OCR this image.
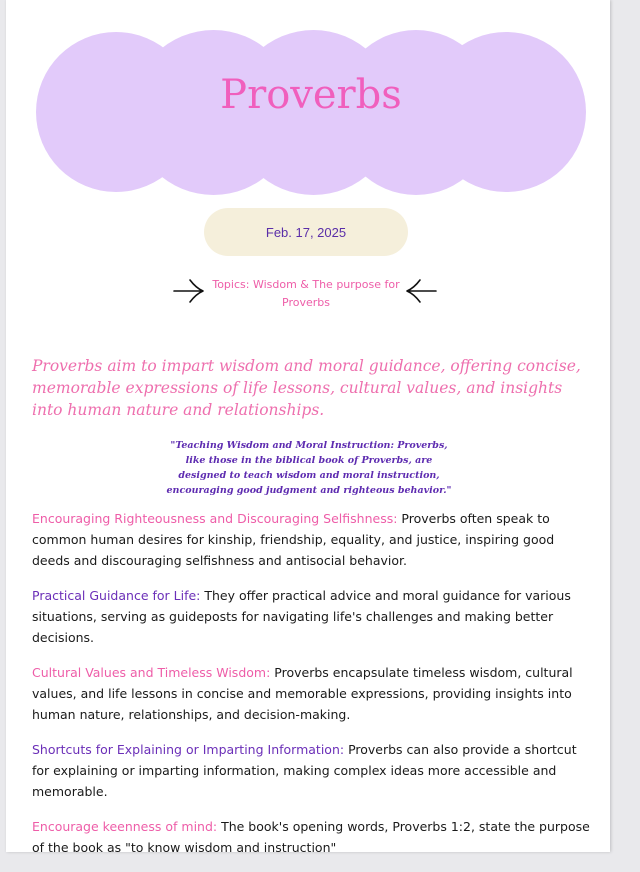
Proverbs
Feb. 17, 2025
Topics: Wisdom & The purpose for Proverbs
Proverbs aim to impart wisdom and moral guidance, offering concise, memorable expressions of life lessons, cultural values, and insights into human nature and relationships.
"Teaching Wisdom and Moral Instruction: Proverbs, like those in the biblical book of Proverbs, are designed to teach wisdom and moral instruction, encouraging good judgment and righteous behavior."

Encouraging Righteousness and Discouraging Selfishness: Proverbs often speak to common human desires for kinship, friendship, equality, and justice, inspiring good deeds and discouraging selfishness and antisocial behavior.

Practical Guidance for Life: They offer practical advice and moral guidance for various situations, serving as guideposts for navigating life's challenges and making better decisions.

Cultural Values and Timeless Wisdom: Proverbs encapsulate timeless wisdom, cultural values, and life lessons in concise and memorable expressions, providing insights into human nature, relationships, and decision-making.

Shortcuts for Explaining or Imparting Information: Proverbs can also provide a shortcut for explaining or imparting information, making complex ideas more accessible and memorable.

Encourage keenness of mind: The book's opening words, Proverbs 1:2, state the purpose of the book as "to know wisdom and instruction"
